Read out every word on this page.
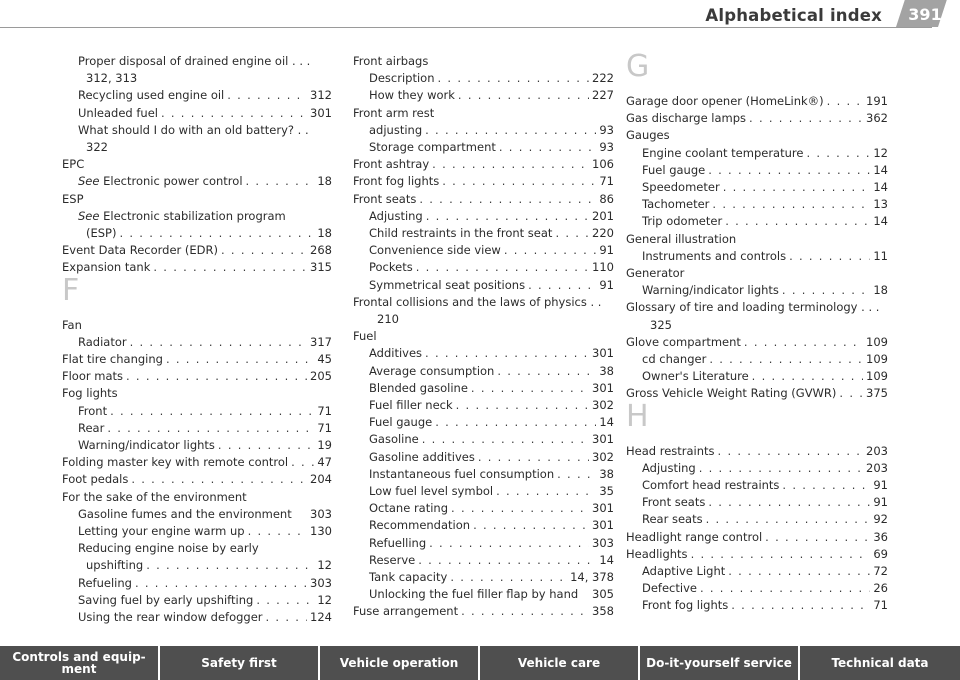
Alphabetical index 391
Proper disposal of drained engine oil . . .
312, 313
Recycling used engine oil . . .	312
Unleaded fuel . . .	301
What should I do with an old battery? . .
322
EPC
See Electronic power control . . .	18
ESP
See Electronic stabilization program
(ESP) . . .	18
Event Data Recorder (EDR) . . .	268
Expansion tank . . .	315
F
Fan
Radiator . . .	317
Flat tire changing . . .	45
Floor mats . . .	205
Fog lights
Front . . .	71
Rear . . .	71
Warning/indicator lights . . .	19
Folding master key with remote control . . .	47
Foot pedals . . .	204
For the sake of the environment
Gasoline fumes and the environment 303
Letting your engine warm up . . .	130
Reducing engine noise by early
upshifting . . .	12
Refueling . . .	303
Saving fuel by early upshifting . . .	12
Using the rear window defogger . . .	124
Front airbags
Description . . .	222
How they work . . .	227
Front arm rest
adjusting . . .	93
Storage compartment . . .	93
Front ashtray . . .	106
Front fog lights . . .	71
Front seats . . .	86
Adjusting . . .	201
Child restraints in the front seat . . .	220
Convenience side view . . .	91
Pockets . . .	110
Symmetrical seat positions . . .	91
Frontal collisions and the laws of physics . .
210
Fuel
Additives . . .	301
Average consumption . . .	38
Blended gasoline . . .	301
Fuel filler neck . . .	302
Fuel gauge . . .	14
Gasoline . . .	301
Gasoline additives . . .	302
Instantaneous fuel consumption . . .	38
Low fuel level symbol . . .	35
Octane rating . . .	301
Recommendation . . .	301
Refuelling . . .	303
Reserve . . .	14
Tank capacity . . .	14, 378
Unlocking the fuel filler flap by hand 305
Fuse arrangement . . .	358
G
Garage door opener (HomeLink®) . . .	191
Gas discharge lamps . . .	362
Gauges
Engine coolant temperature . . .	12
Fuel gauge . . .	14
Speedometer . . .	14
Tachometer . . .	13
Trip odometer . . .	14
General illustration
Instruments and controls . . .	11
Generator
Warning/indicator lights . . .	18
Glossary of tire and loading terminology . . .
325
Glove compartment . . .	109
cd changer . . .	109
Owner's Literature . . .	109
Gross Vehicle Weight Rating (GVWR) . . .	375
H
Head restraints . . .	203
Adjusting . . .	203
Comfort head restraints . . .	91
Front seats . . .	91
Rear seats . . .	92
Headlight range control . . .	36
Headlights . . .	69
Adaptive Light . . .	72
Defective . . .	26
Front fog lights . . .	71
Controls and equip- ment	Safety first	Vehicle operation	Vehicle care	Do-it-yourself service	Technical data
